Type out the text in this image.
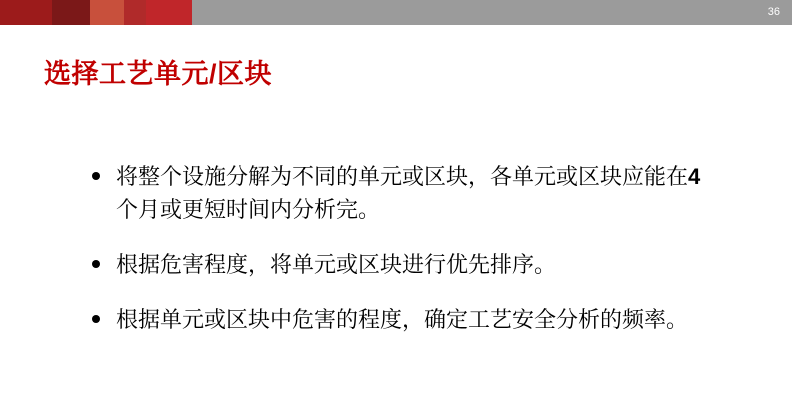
36
选择工艺单元/区块
将整个设施分解为不同的单元或区块，各单元或区块应能在4个月或更短时间内分析完。
根据危害程度，将单元或区块进行优先排序。
根据单元或区块中危害的程度，确定工艺安全分析的频率。
